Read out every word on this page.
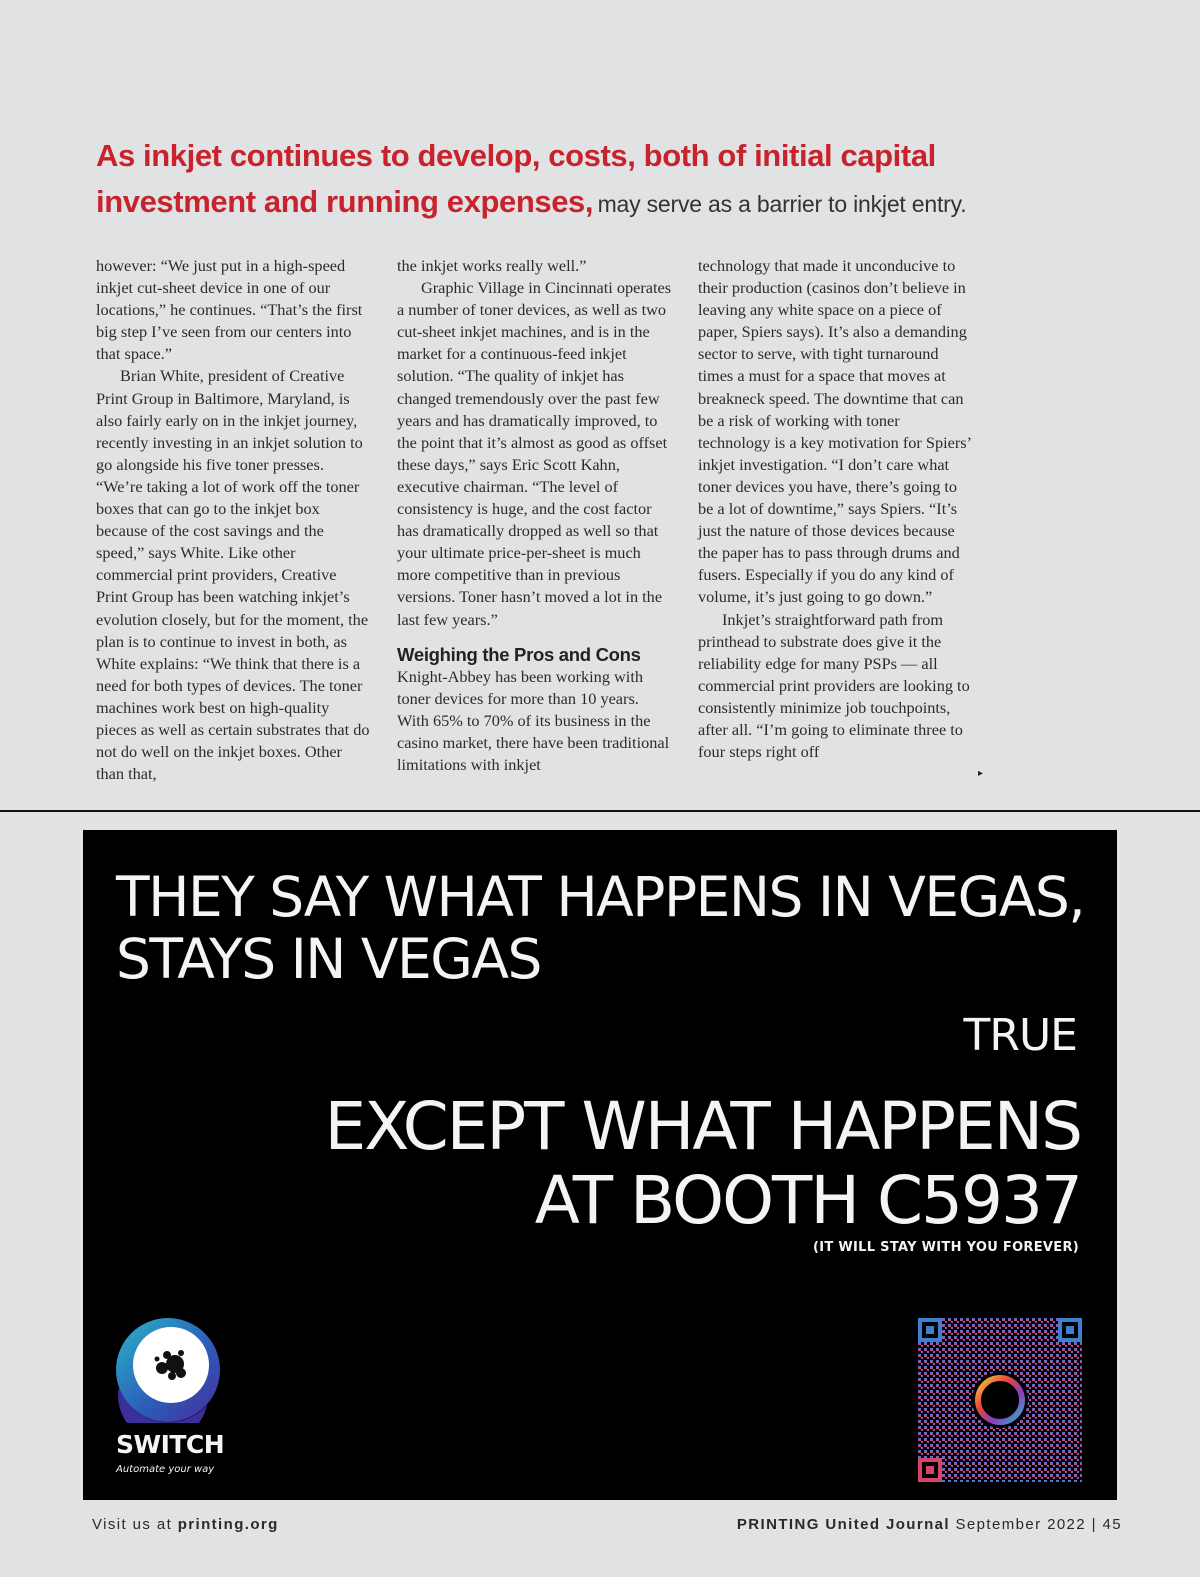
As inkjet continues to develop, costs, both of initial capital investment and running expenses, may serve as a barrier to inkjet entry.

however: “We just put in a high-speed inkjet cut-sheet device in one of our locations,” he continues. “That’s the first big step I’ve seen from our centers into that space.”

Brian White, president of Creative Print Group in Baltimore, Maryland, is also fairly early on in the inkjet journey, recently investing in an inkjet solution to go alongside his five toner presses. “We’re taking a lot of work off the toner boxes that can go to the inkjet box because of the cost savings and the speed,” says White. Like other commercial print providers, Creative Print Group has been watching inkjet’s evolution closely, but for the moment, the plan is to continue to invest in both, as White explains: “We think that there is a need for both types of devices. The toner machines work best on high-quality pieces as well as certain substrates that do not do well on the inkjet boxes. Other than that,

the inkjet works really well.”

Graphic Village in Cincinnati operates a number of toner devices, as well as two cut-sheet inkjet machines, and is in the market for a continuous-feed inkjet solution. “The quality of inkjet has changed tremendously over the past few years and has dramatically improved, to the point that it’s almost as good as offset these days,” says Eric Scott Kahn, executive chairman. “The level of consistency is huge, and the cost factor has dramatically dropped as well so that your ultimate price-per-sheet is much more competitive than in previous versions. Toner hasn’t moved a lot in the last few years.”

Weighing the Pros and Cons

Knight-Abbey has been working with toner devices for more than 10 years. With 65% to 70% of its business in the casino market, there have been traditional limitations with inkjet

technology that made it unconducive to their production (casinos don’t believe in leaving any white space on a piece of paper, Spiers says). It’s also a demanding sector to serve, with tight turnaround times a must for a space that moves at breakneck speed. The downtime that can be a risk of working with toner technology is a key motivation for Spiers’ inkjet investigation. “I don’t care what toner devices you have, there’s going to be a lot of downtime,” says Spiers. “It’s just the nature of those devices because the paper has to pass through drums and fusers. Especially if you do any kind of volume, it’s just going to go down.”

Inkjet’s straightforward path from printhead to substrate does give it the reliability edge for many PSPs — all commercial print providers are looking to consistently minimize job touchpoints, after all. “I’m going to eliminate three to four steps right off

▸
THEY SAY WHAT HAPPENS IN VEGAS,
STAYS IN VEGAS
TRUE
EXCEPT WHAT HAPPENS
AT BOOTH C5937
(IT WILL STAY WITH YOU FOREVER)
SWITCH
Automate your way
Visit us at printing.org	PRINTING United Journal September 2022 | 45
